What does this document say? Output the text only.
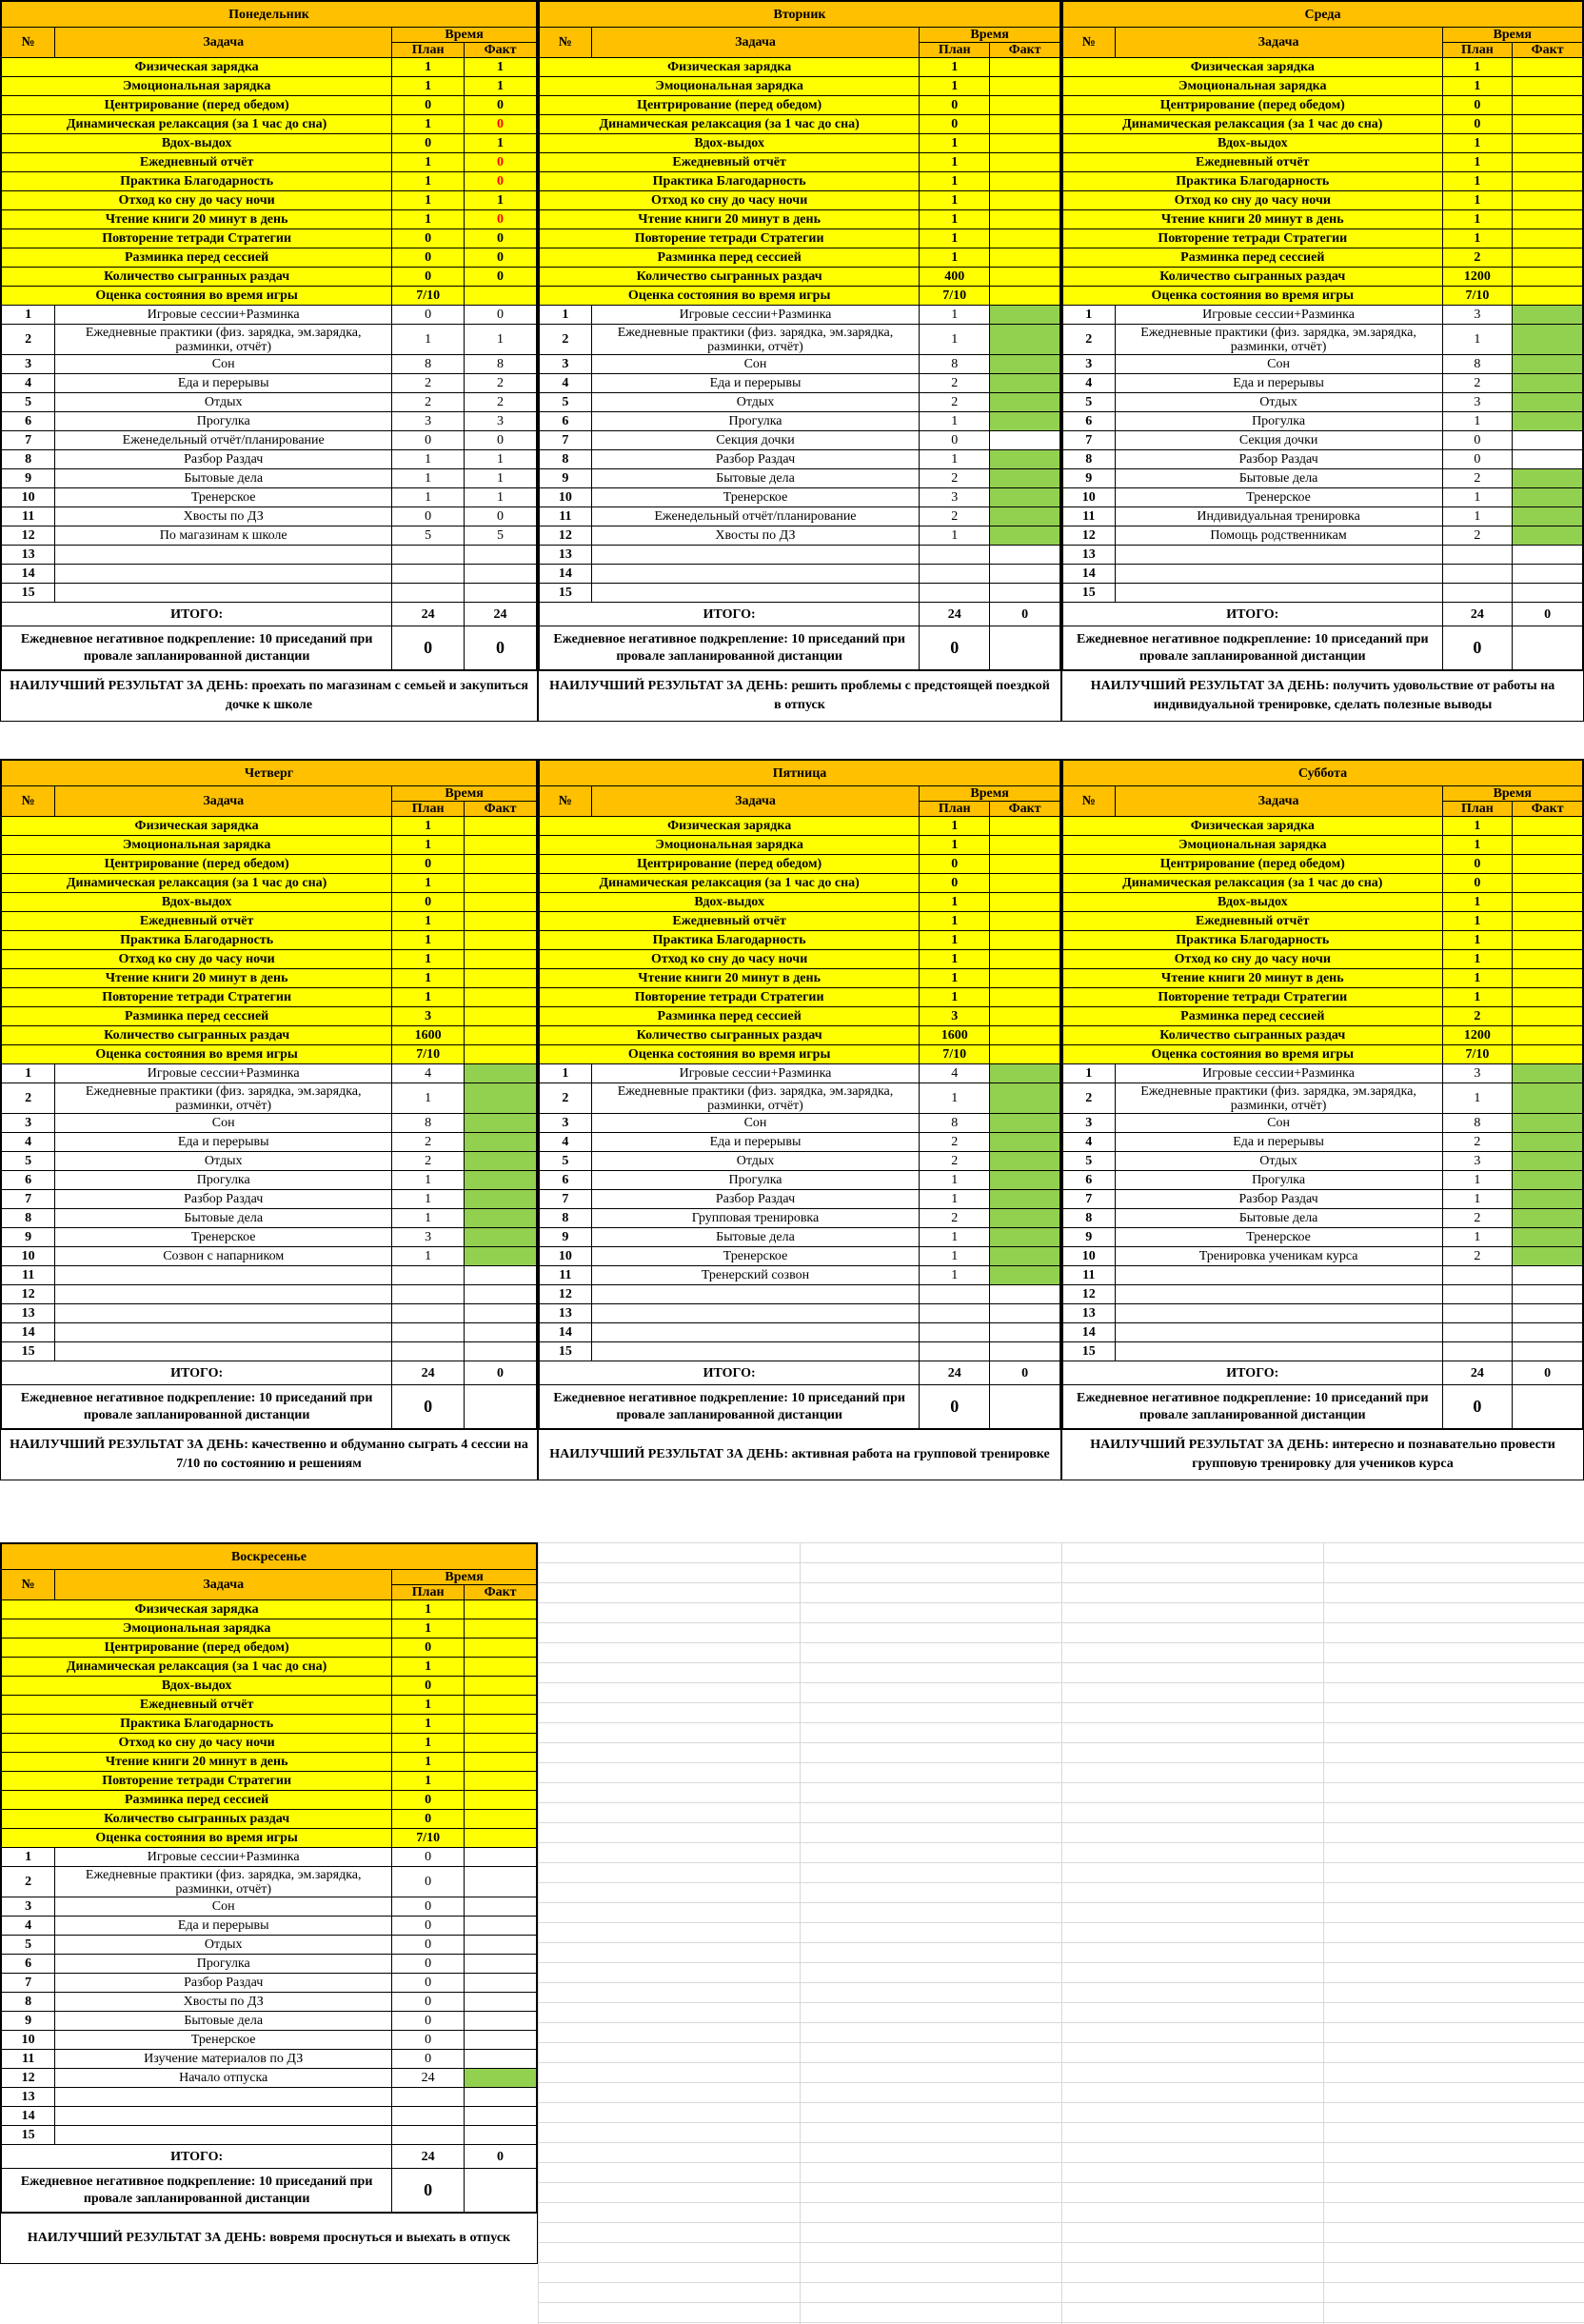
Понедельник			
№	Задача	Время	
		План	Факт
Физическая зарядка		1	1
Эмоциональная зарядка		1	1
Центрирование (перед обедом)		0	0
Динамическая релаксация (за 1 час до сна)		1	0
Вдох-выдох		0	1
Ежедневный отчёт		1	0
Практика Благодарность		1	0
Отход ко сну до часу ночи		1	1
Чтение книги 20 минут в день		1	0
Повторение тетради Стратегии		0	0
Разминка перед сессией		0	0
Количество сыгранных раздач		0	0
Оценка состояния во время игры		7/10	
1	Игровые сессии+Разминка	0	0
2	Ежедневные практики (физ. зарядка, эм.зарядка, разминки, отчёт)	1	1
3	Сон	8	8
4	Еда и перерывы	2	2
5	Отдых	2	2
6	Прогулка	3	3
7	Еженедельный отчёт/планирование	0	0
8	Разбор Раздач	1	1
9	Бытовые дела	1	1
10	Тренерское	1	1
11	Хвосты по ДЗ	0	0
12	По магазинам к школе	5	5
13			
14			
15			
ИТОГО:		24	24
Ежедневное негативное подкрепление: 10 приседаний при провале запланированной дистанции		0	0
НАИЛУЧШИЙ РЕЗУЛЬТАТ ЗА ДЕНЬ: проехать по магазинам с семьей и закупиться дочке к школе
Вторник			
№	Задача	Время	
		План	Факт
Физическая зарядка		1	
Эмоциональная зарядка		1	
Центрирование (перед обедом)		0	
Динамическая релаксация (за 1 час до сна)		0	
Вдох-выдох		1	
Ежедневный отчёт		1	
Практика Благодарность		1	
Отход ко сну до часу ночи		1	
Чтение книги 20 минут в день		1	
Повторение тетради Стратегии		1	
Разминка перед сессией		1	
Количество сыгранных раздач		400	
Оценка состояния во время игры		7/10	
1	Игровые сессии+Разминка	1	
2	Ежедневные практики (физ. зарядка, эм.зарядка, разминки, отчёт)	1	
3	Сон	8	
4	Еда и перерывы	2	
5	Отдых	2	
6	Прогулка	1	
7	Секция дочки	0	
8	Разбор Раздач	1	
9	Бытовые дела	2	
10	Тренерское	3	
11	Еженедельный отчёт/планирование	2	
12	Хвосты по ДЗ	1	
13			
14			
15			
ИТОГО:		24	0
Ежедневное негативное подкрепление: 10 приседаний при провале запланированной дистанции		0	
НАИЛУЧШИЙ РЕЗУЛЬТАТ ЗА ДЕНЬ: решить проблемы с предстоящей поездкой в отпуск
Среда			
№	Задача	Время	
		План	Факт
Физическая зарядка		1	
Эмоциональная зарядка		1	
Центрирование (перед обедом)		0	
Динамическая релаксация (за 1 час до сна)		0	
Вдох-выдох		1	
Ежедневный отчёт		1	
Практика Благодарность		1	
Отход ко сну до часу ночи		1	
Чтение книги 20 минут в день		1	
Повторение тетради Стратегии		1	
Разминка перед сессией		2	
Количество сыгранных раздач		1200	
Оценка состояния во время игры		7/10	
1	Игровые сессии+Разминка	3	
2	Ежедневные практики (физ. зарядка, эм.зарядка, разминки, отчёт)	1	
3	Сон	8	
4	Еда и перерывы	2	
5	Отдых	3	
6	Прогулка	1	
7	Секция дочки	0	
8	Разбор Раздач	0	
9	Бытовые дела	2	
10	Тренерское	1	
11	Индивидуальная тренировка	1	
12	Помощь родственникам	2	
13			
14			
15			
ИТОГО:		24	0
Ежедневное негативное подкрепление: 10 приседаний при провале запланированной дистанции		0	
НАИЛУЧШИЙ РЕЗУЛЬТАТ ЗА ДЕНЬ: получить удовольствие от работы на индивидуальной тренировке, сделать полезные выводы
Четверг			
№	Задача	Время	
		План	Факт
Физическая зарядка		1	
Эмоциональная зарядка		1	
Центрирование (перед обедом)		0	
Динамическая релаксация (за 1 час до сна)		1	
Вдох-выдох		0	
Ежедневный отчёт		1	
Практика Благодарность		1	
Отход ко сну до часу ночи		1	
Чтение книги 20 минут в день		1	
Повторение тетради Стратегии		1	
Разминка перед сессией		3	
Количество сыгранных раздач		1600	
Оценка состояния во время игры		7/10	
1	Игровые сессии+Разминка	4	
2	Ежедневные практики (физ. зарядка, эм.зарядка, разминки, отчёт)	1	
3	Сон	8	
4	Еда и перерывы	2	
5	Отдых	2	
6	Прогулка	1	
7	Разбор Раздач	1	
8	Бытовые дела	1	
9	Тренерское	3	
10	Созвон с напарником	1	
11			
12			
13			
14			
15			
ИТОГО:		24	0
Ежедневное негативное подкрепление: 10 приседаний при провале запланированной дистанции		0	
НАИЛУЧШИЙ РЕЗУЛЬТАТ ЗА ДЕНЬ: качественно и обдуманно сыграть 4 сессии на 7/10 по состоянию и решениям
Пятница			
№	Задача	Время	
		План	Факт
Физическая зарядка		1	
Эмоциональная зарядка		1	
Центрирование (перед обедом)		0	
Динамическая релаксация (за 1 час до сна)		0	
Вдох-выдох		1	
Ежедневный отчёт		1	
Практика Благодарность		1	
Отход ко сну до часу ночи		1	
Чтение книги 20 минут в день		1	
Повторение тетради Стратегии		1	
Разминка перед сессией		3	
Количество сыгранных раздач		1600	
Оценка состояния во время игры		7/10	
1	Игровые сессии+Разминка	4	
2	Ежедневные практики (физ. зарядка, эм.зарядка, разминки, отчёт)	1	
3	Сон	8	
4	Еда и перерывы	2	
5	Отдых	2	
6	Прогулка	1	
7	Разбор Раздач	1	
8	Групповая тренировка	2	
9	Бытовые дела	1	
10	Тренерское	1	
11	Тренерский созвон	1	
12			
13			
14			
15			
ИТОГО:		24	0
Ежедневное негативное подкрепление: 10 приседаний при провале запланированной дистанции		0	
НАИЛУЧШИЙ РЕЗУЛЬТАТ ЗА ДЕНЬ: активная работа на групповой тренировке
Суббота			
№	Задача	Время	
		План	Факт
Физическая зарядка		1	
Эмоциональная зарядка		1	
Центрирование (перед обедом)		0	
Динамическая релаксация (за 1 час до сна)		0	
Вдох-выдох		1	
Ежедневный отчёт		1	
Практика Благодарность		1	
Отход ко сну до часу ночи		1	
Чтение книги 20 минут в день		1	
Повторение тетради Стратегии		1	
Разминка перед сессией		2	
Количество сыгранных раздач		1200	
Оценка состояния во время игры		7/10	
1	Игровые сессии+Разминка	3	
2	Ежедневные практики (физ. зарядка, эм.зарядка, разминки, отчёт)	1	
3	Сон	8	
4	Еда и перерывы	2	
5	Отдых	3	
6	Прогулка	1	
7	Разбор Раздач	1	
8	Бытовые дела	2	
9	Тренерское	1	
10	Тренировка ученикам курса	2	
11			
12			
13			
14			
15			
ИТОГО:		24	0
Ежедневное негативное подкрепление: 10 приседаний при провале запланированной дистанции		0	
НАИЛУЧШИЙ РЕЗУЛЬТАТ ЗА ДЕНЬ: интересно и познавательно провести групповую тренировку для учеников курса
Воскресенье			
№	Задача	Время	
		План	Факт
Физическая зарядка		1	
Эмоциональная зарядка		1	
Центрирование (перед обедом)		0	
Динамическая релаксация (за 1 час до сна)		1	
Вдох-выдох		0	
Ежедневный отчёт		1	
Практика Благодарность		1	
Отход ко сну до часу ночи		1	
Чтение книги 20 минут в день		1	
Повторение тетради Стратегии		1	
Разминка перед сессией		0	
Количество сыгранных раздач		0	
Оценка состояния во время игры		7/10	
1	Игровые сессии+Разминка	0	
2	Ежедневные практики (физ. зарядка, эм.зарядка, разминки, отчёт)	0	
3	Сон	0	
4	Еда и перерывы	0	
5	Отдых	0	
6	Прогулка	0	
7	Разбор Раздач	0	
8	Хвосты по ДЗ	0	
9	Бытовые дела	0	
10	Тренерское	0	
11	Изучение материалов по ДЗ	0	
12	Начало отпуска	24	
13			
14			
15			
ИТОГО:		24	0
Ежедневное негативное подкрепление: 10 приседаний при провале запланированной дистанции		0	
НАИЛУЧШИЙ РЕЗУЛЬТАТ ЗА ДЕНЬ: вовремя проснуться и выехать в отпуск
